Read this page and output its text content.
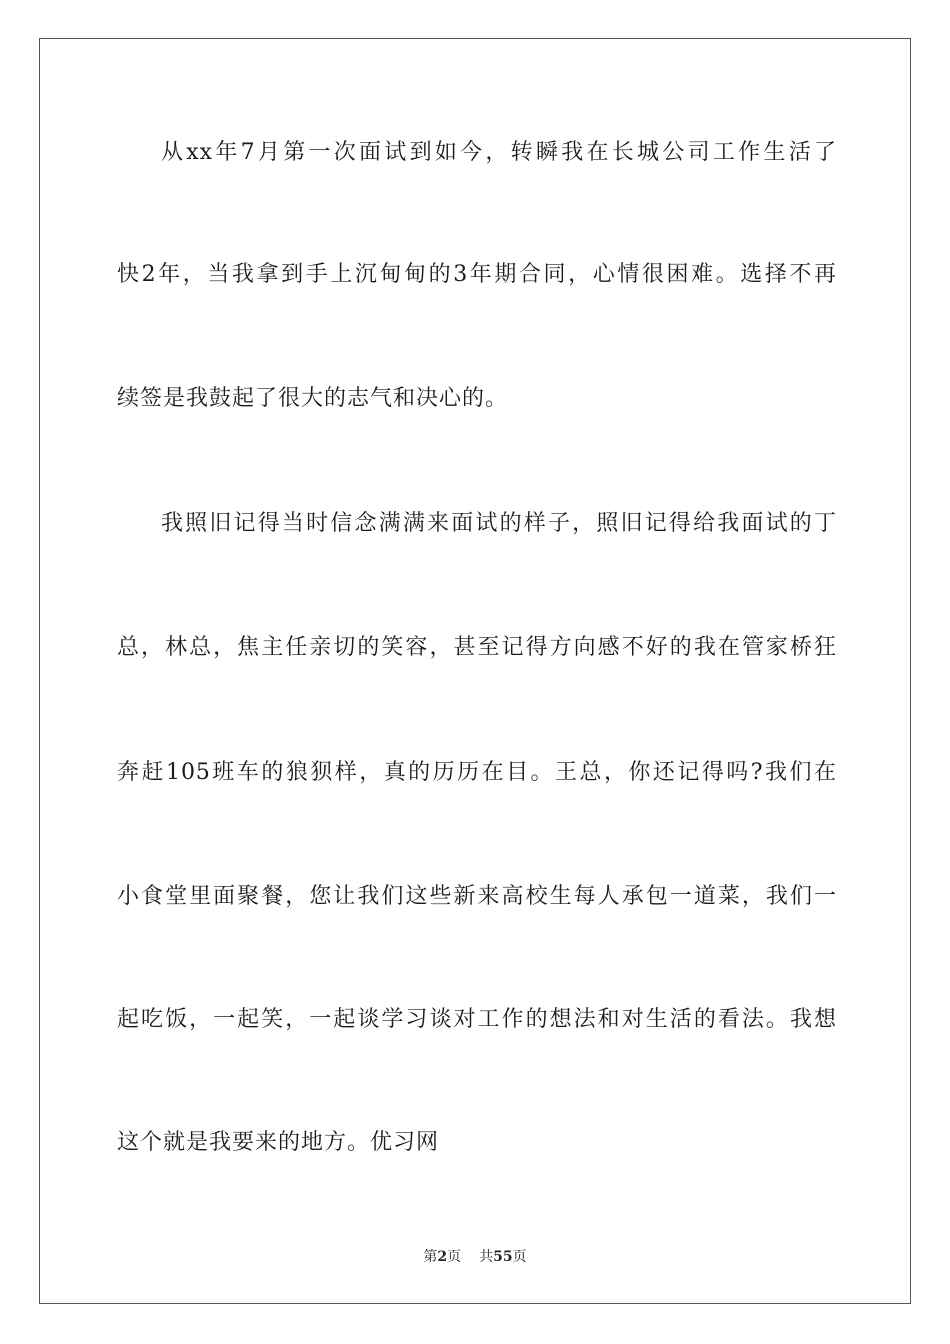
从xx年7月第一次面试到如今，转瞬我在长城公司工作生活了
快2年，当我拿到手上沉甸甸的3年期合同，心情很困难。选择不再
续签是我鼓起了很大的志气和决心的。
我照旧记得当时信念满满来面试的样子，照旧记得给我面试的丁
总，林总，焦主任亲切的笑容，甚至记得方向感不好的我在管家桥狂
奔赶105班车的狼狈样，真的历历在目。王总，你还记得吗?我们在
小食堂里面聚餐，您让我们这些新来高校生每人承包一道菜，我们一
起吃饭，一起笑，一起谈学习谈对工作的想法和对生活的看法。我想
这个就是我要来的地方。优习网
第2页 共55页
